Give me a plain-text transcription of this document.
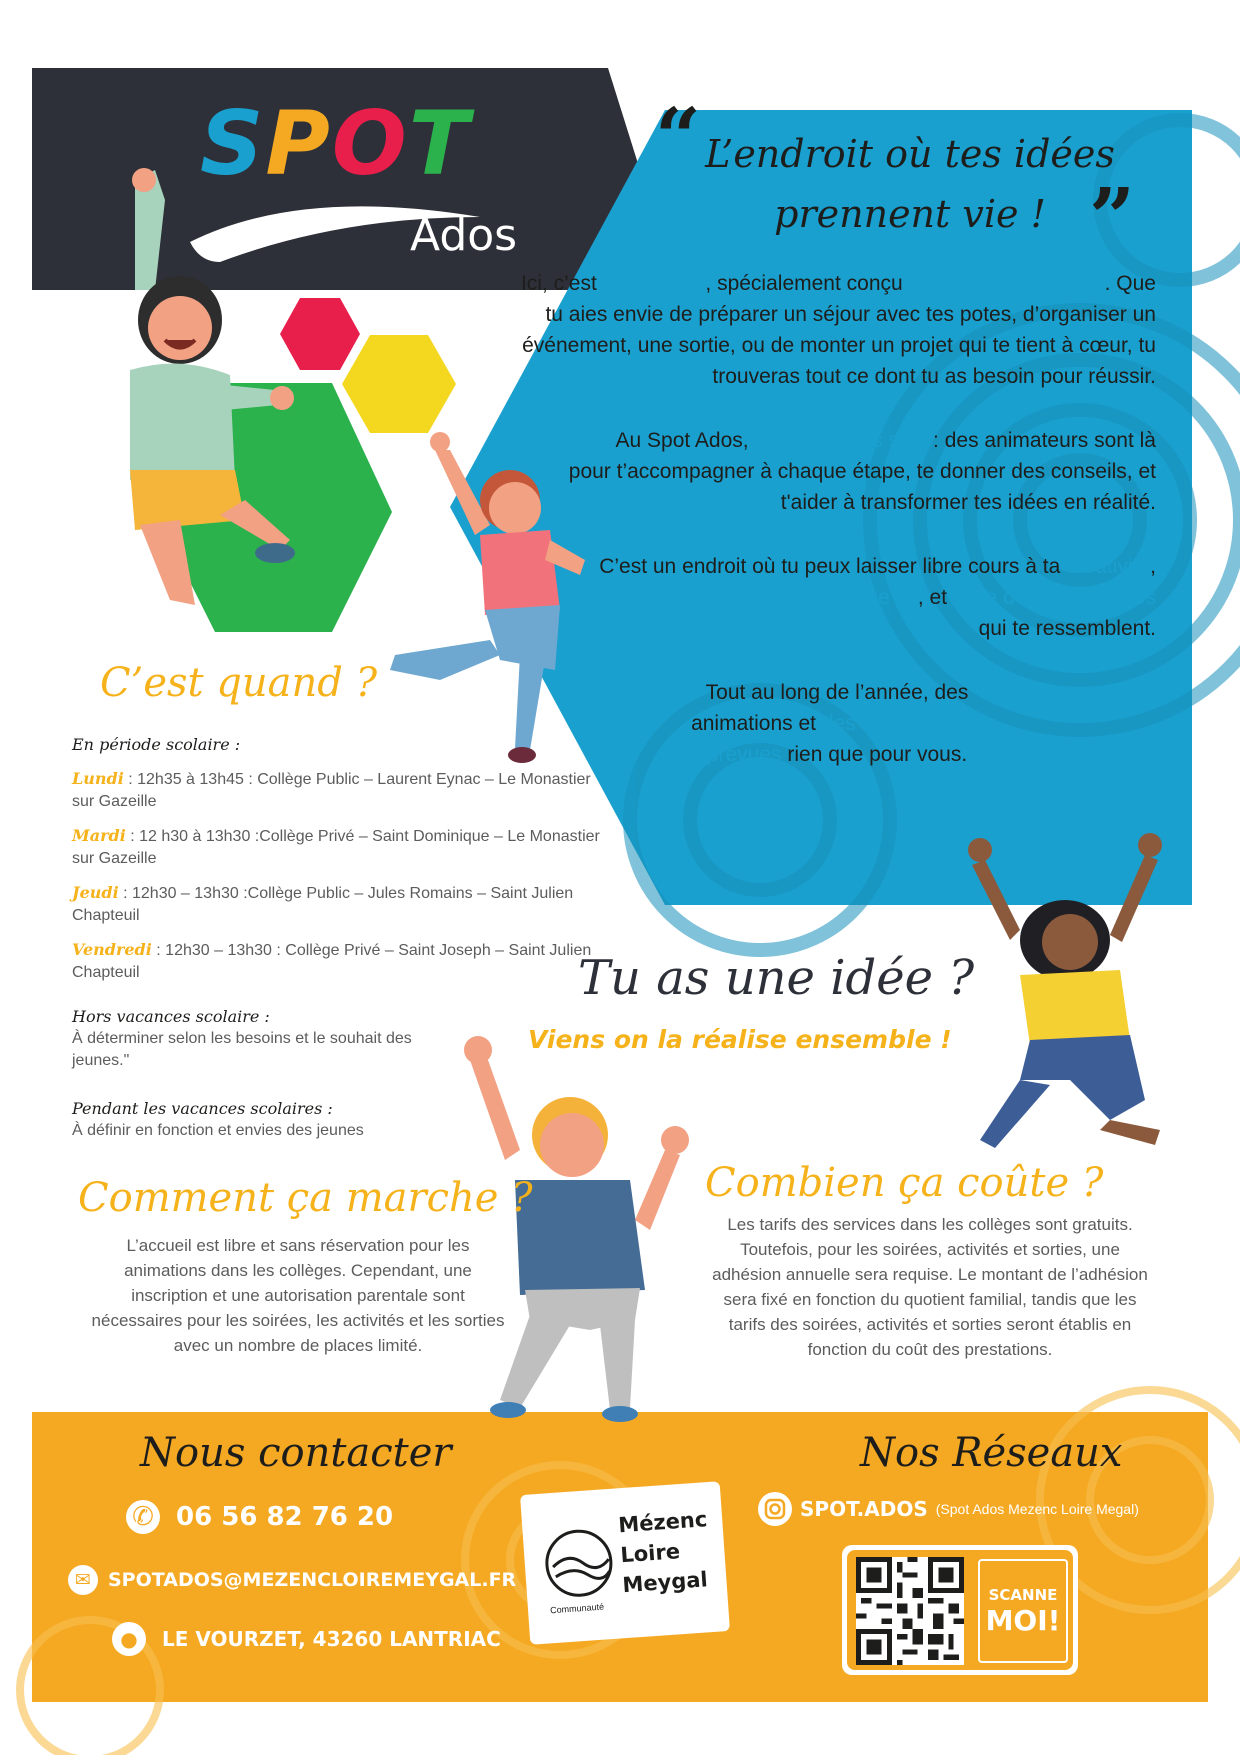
SPOT
Ados
“ L’endroit où tes idées
prennent vie ! ”

Ici, c’est ton espace, spécialement conçu pour toi et tes projets. Que tu aies envie de préparer un séjour avec tes potes, d’organiser un événement, une sortie, ou de monter un projet qui te tient à cœur, tu trouveras tout ce dont tu as besoin pour réussir.

Au Spot Ados, tu n’es jamais seul : des animateurs sont là pour t’accompagner à chaque étape, te donner des conseils, et t'aider à transformer tes idées en réalité.

C’est un endroit où tu peux laisser libre cours à ta créativité, rencontrer d’autres jeunes comme toi, et vivre des expériences qui te ressemblent.

Tout au long de l’année, des animations et des activités sont prévues rien que pour vous.

C’est quand ?
En période scolaire :

Lundi : 12h35 à 13h45 : Collège Public – Laurent Eynac – Le Monastier sur Gazeille

Mardi : 12 h30 à 13h30 :Collège Privé – Saint Dominique – Le Monastier sur Gazeille

Jeudi : 12h30 – 13h30 :Collège Public – Jules Romains – Saint Julien Chapteuil

Vendredi : 12h30 – 13h30 : Collège Privé – Saint Joseph – Saint Julien Chapteuil

Hors vacances scolaire :
À déterminer selon les besoins et le souhait des jeunes."
Pendant les vacances scolaires :
À définir en fonction et envies des jeunes
Tu as une idée ?
Viens on la réalise ensemble !
Comment ça marche ?
L’accueil est libre et sans réservation pour les animations dans les collèges. Cependant, une inscription et une autorisation parentale sont nécessaires pour les soirées, les activités et les sorties avec un nombre de places limité.
Combien ça coûte ?
Les tarifs des services dans les collèges sont gratuits. Toutefois, pour les soirées, activités et sorties, une adhésion annuelle sera requise. Le montant de l’adhésion sera fixé en fonction du quotient familial, tandis que les tarifs des soirées, activités et sorties seront établis en fonction du coût des prestations.
Nous contacter
✆ 06 56 82 76 20
✉ SPOTADOS@MEZENCLOIREMEYGAL.FR
●	LE VOURZET, 43260 LANTRIAC
Communauté
Mézenc
Loire
Meygal
Nos Réseaux
SPOT.ADOS (Spot Ados Mezenc Loire Megal)
SCANNE
MOI!
